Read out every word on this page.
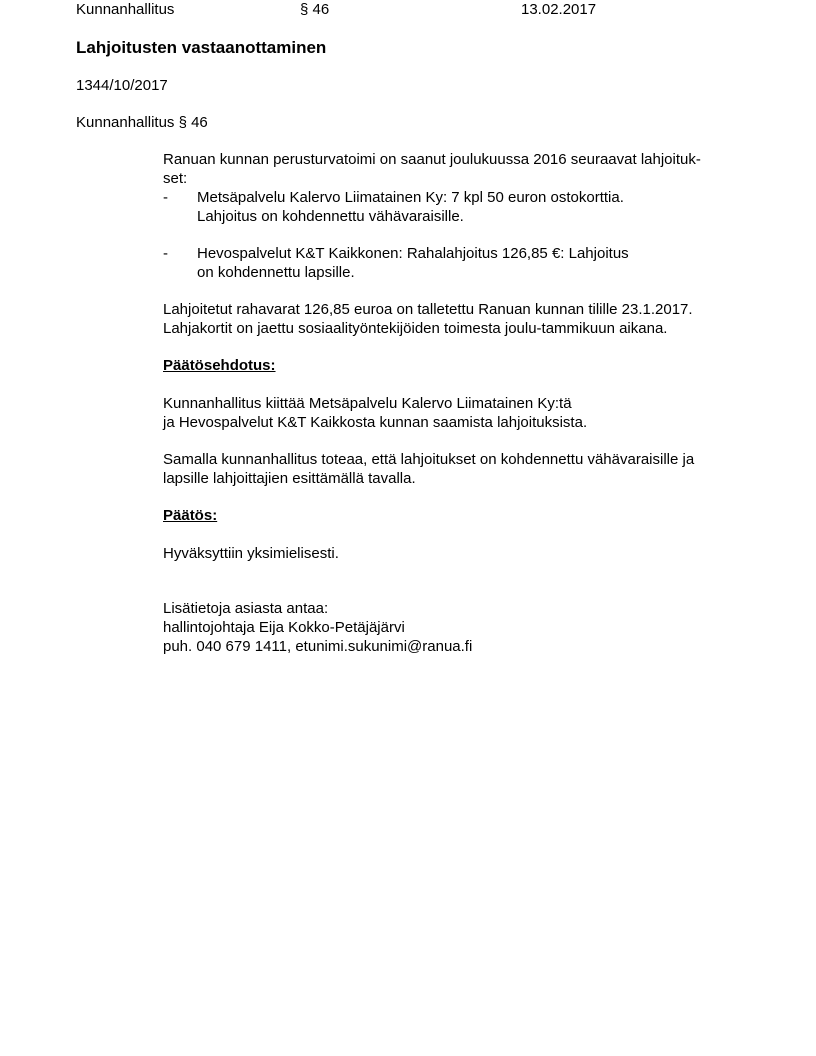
Kunnanhallitus	§ 46	13.02.2017
Lahjoitusten vastaanottaminen
1344/10/2017
Kunnanhallitus § 46

Ranuan kunnan perusturvatoimi on saanut joulukuussa 2016 seuraavat lahjoituk-
set:

- Metsäpalvelu Kalervo Liimatainen Ky: 7 kpl 50 euron ostokorttia.
Lahjoitus on kohdennettu vähävaraisille.
- Hevospalvelut K&T Kaikkonen: Rahalahjoitus 126,85 €: Lahjoitus
on kohdennettu lapsille.

Lahjoitetut rahavarat 126,85 euroa on talletettu Ranuan kunnan tilille 23.1.2017.
Lahjakortit on jaettu sosiaalityöntekijöiden toimesta joulu-tammikuun aikana.

Päätösehdotus:

Kunnanhallitus kiittää Metsäpalvelu Kalervo Liimatainen Ky:tä
ja Hevospalvelut K&T Kaikkosta kunnan saamista lahjoituksista.

Samalla kunnanhallitus toteaa, että lahjoitukset on kohdennettu vähävaraisille ja
lapsille lahjoittajien esittämällä tavalla.

Päätös:

Hyväksyttiin yksimielisesti.

Lisätietoja asiasta antaa:
hallintojohtaja Eija Kokko-Petäjäjärvi
puh. 040 679 1411, etunimi.sukunimi@ranua.fi
